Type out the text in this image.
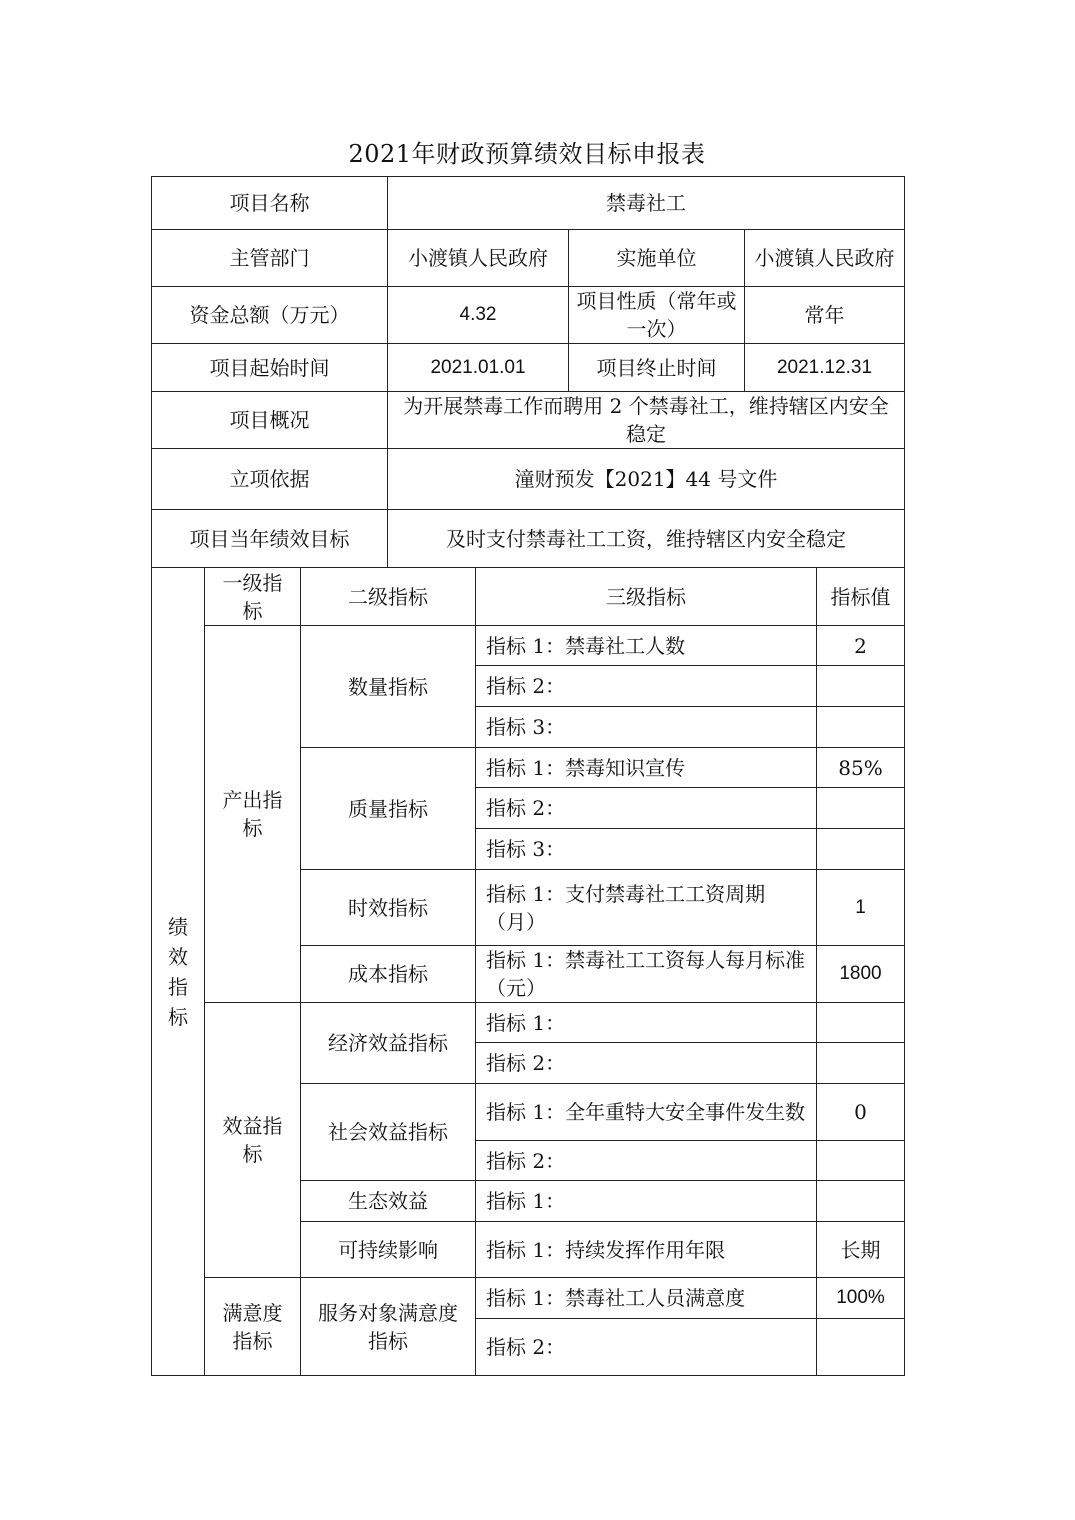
2021年财政预算绩效目标申报表
项目名称	禁毒社工		
主管部门	小渡镇人民政府	实施单位	小渡镇人民政府
资金总额（万元）	4.32	项目性质（常年或一次）	常年
项目起始时间	2021.01.01	项目终止时间	2021.12.31
项目概况	为开展禁毒工作而聘用 2 个禁毒社工，维持辖区内安全稳定		
立项依据	潼财预发【2021】44 号文件		
项目当年绩效目标	及时支付禁毒社工工资，维持辖区内安全稳定		
绩效指标	一级指标	二级指标	三级指标	指标值

	产出指标	数量指标	指标 1：禁毒社工人数	2
			指标 2：	
			指标 3：	
		质量指标	指标 1：禁毒知识宣传	85%
			指标 2：	
			指标 3：	
		时效指标	指标 1：支付禁毒社工工资周期（月）	1
		成本指标	指标 1：禁毒社工工资每人每月标准（元）	1800

	效益指标	经济效益指标	指标 1：	
			指标 2：	
		社会效益指标	指标 1：全年重特大安全事件发生数	0
			指标 2：	
		生态效益	指标 1：	
		可持续影响	指标 1：持续发挥作用年限	长期

	满意度指标	服务对象满意度指标	指标 1：禁毒社工人员满意度	100%
			指标 2：	
